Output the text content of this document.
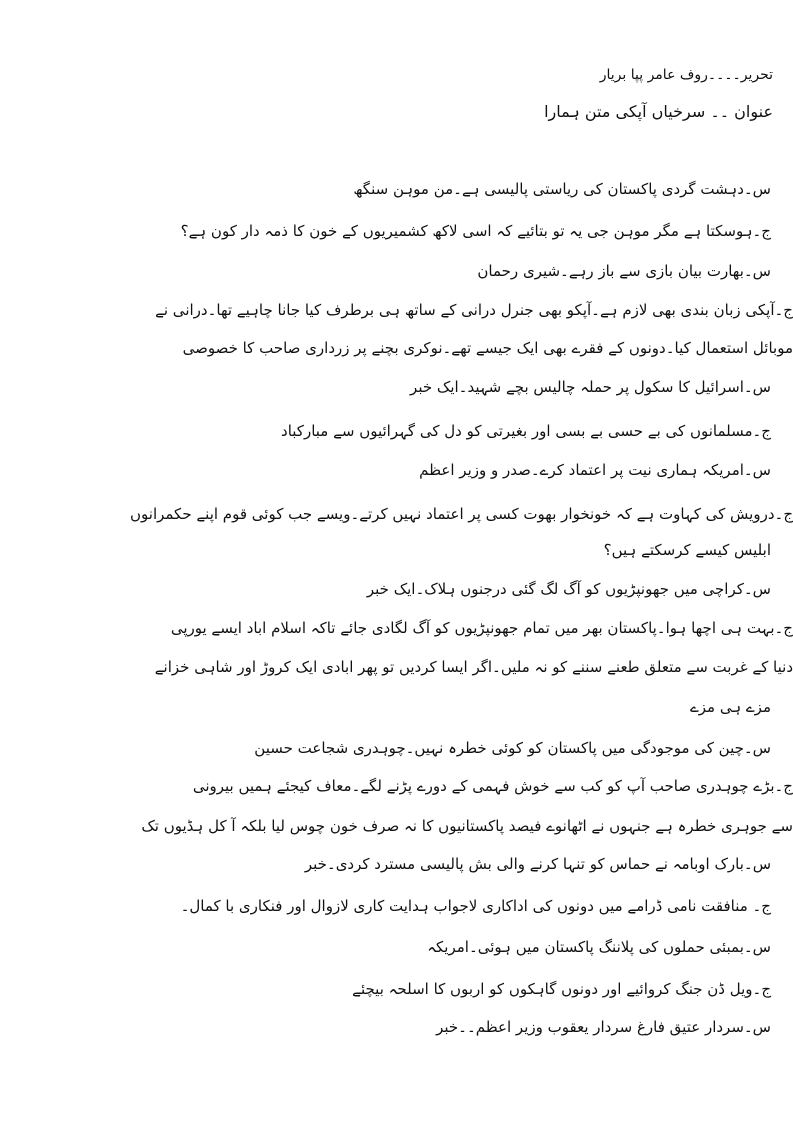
تحریر۔۔۔۔روف عامر پپا بریار
عنوان ۔۔ سرخیاں آپکی متن ہمارا
س۔دہشت گردی پاکستان کی ریاستی پالیسی ہے۔من موہن سنگھ
ج۔ہوسکتا ہے مگر موہن جی یہ تو بتائیے کہ اسی لاکھ کشمیریوں کے خون کا ذمہ دار کون ہے؟
س۔بھارت بیان بازی سے باز رہے۔شیری رحمان
ج۔آپکی زبان بندی بھی لازم ہے۔آپکو بھی جنرل درانی کے ساتھ ہی برطرف کیا جانا چاہیے تھا۔درانی نے
موبائل استعمال کیا۔دونوں کے فقرے بھی ایک جیسے تھے۔نوکری بچنے پر زرداری صاحب کا خصوصی
س۔اسرائیل کا سکول پر حملہ چالیس بچے شہید۔ایک خبر
ج۔مسلمانوں کی بے حسی بے بسی اور بغیرتی کو دل کی گہرائیوں سے مبارکباد
س۔امریکہ ہماری نیت پر اعتماد کرے۔صدر و وزیر اعظم
ج۔درویش کی کہاوت ہے کہ خونخوار بھوت کسی پر اعتماد نہیں کرتے۔ویسے جب کوئی قوم اپنے حکمرانوں
ابلیس کیسے کرسکتے ہیں؟
س۔کراچی میں جھونپڑیوں کو آگ لگ گئی درجنوں ہلاک۔ایک خبر
ج۔بہت ہی اچھا ہوا۔پاکستان بھر میں تمام جھونپڑیوں کو آگ لگادی جائے تاکہ اسلام اباد ایسے یورپی
دنیا کے غربت سے متعلق طعنے سننے کو نہ ملیں۔اگر ایسا کردیں تو پھر ابادی ایک کروڑ اور شاہی خزانے
مزے ہی مزے
س۔چین کی موجودگی میں پاکستان کو کوئی خطرہ نہیں۔چوہدری شجاعت حسین
ج۔بڑے چوہدری صاحب آپ کو کب سے خوش فہمی کے دورے پڑنے لگے۔معاف کیجئے ہمیں بیرونی
سے جوہری خطرہ ہے جنہوں نے اٹھانوے فیصد پاکستانیوں کا نہ صرف خون چوس لیا بلکہ آ کل ہڈیوں تک
س۔بارک اوبامہ نے حماس کو تنہا کرنے والی بش پالیسی مسترد کردی۔خبر
ج۔ منافقت نامی ڈرامے میں دونوں کی اداکاری لاجواب ہدایت کاری لازوال اور فنکاری با کمال۔
س۔بمبئی حملوں کی پلاننگ پاکستان میں ہوئی۔امریکہ
ج۔ویل ڈن جنگ کروائیے اور دونوں گاہکوں کو اربوں کا اسلحہ بیچئے
س۔سردار عتیق فارغ سردار یعقوب وزیر اعظم۔۔خبر
